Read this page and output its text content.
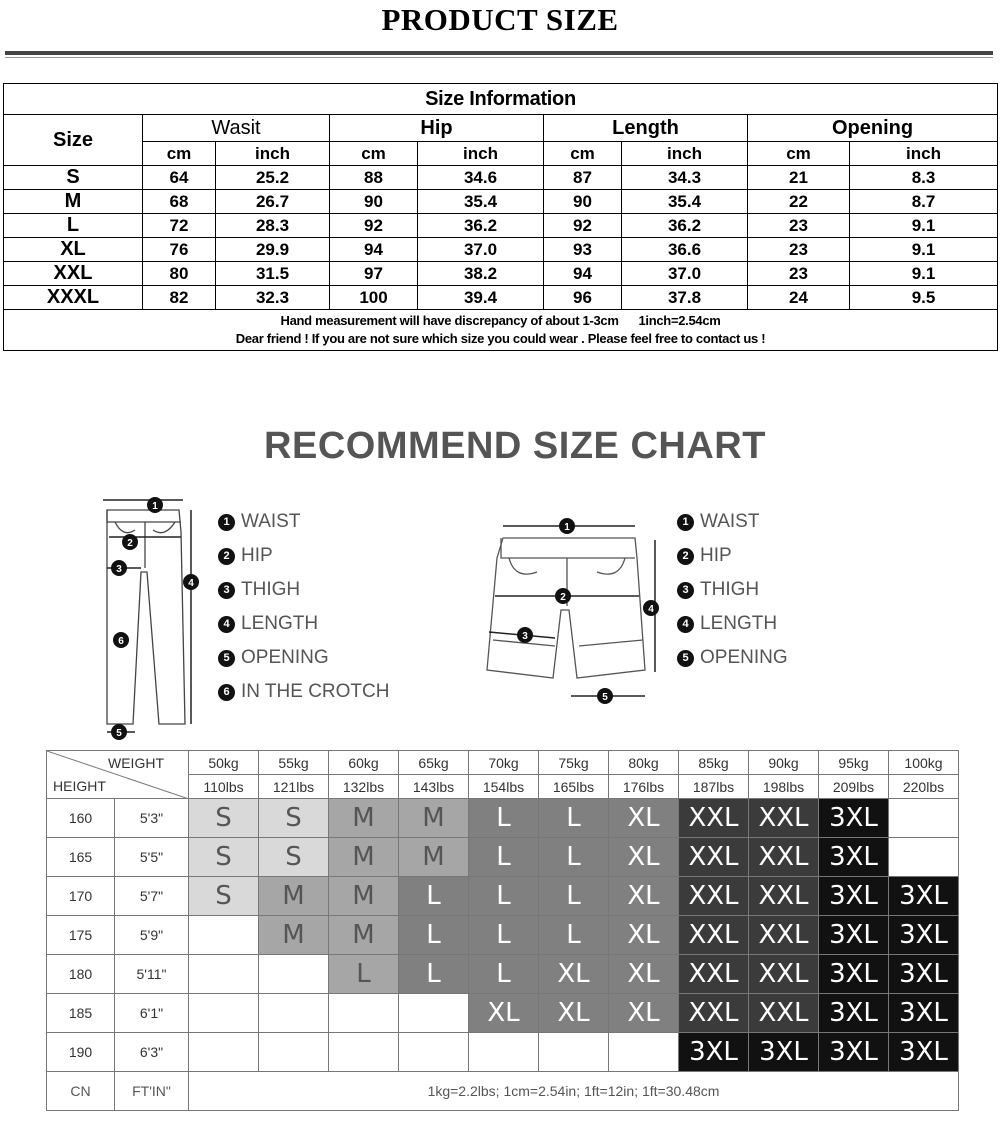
PRODUCT SIZE
Size Information								
Size	Wasit		Hip		Length		Opening	
	cm	inch	cm	inch	cm	inch	cm	inch
S	64	25.2	88	34.6	87	34.3	21	8.3
M	68	26.7	90	35.4	90	35.4	22	8.7
L	72	28.3	92	36.2	92	36.2	23	9.1
XL	76	29.9	94	37.0	93	36.6	23	9.1
XXL	80	31.5	97	38.2	94	37.0	23	9.1
XXXL	82	32.3	100	39.4	96	37.8	24	9.5

Hand measurement will have discrepancy of about 1-3cm      1inch=2.54cm
Dear friend ! If you are not sure which size you could wear . Please feel free to contact us !								
RECOMMEND SIZE CHART
1
2
3
4
6
5
1 WAIST
2 HIP
3 THIGH
4 LENGTH
5 OPENING
6 IN THE CROTCH
1
2
3
4
5
1 WAIST
2 HIP
3 THIGH
4 LENGTH
5 OPENING
WEIGHT
HEIGHT		50kg	55kg	60kg	65kg	70kg	75kg	80kg	85kg	90kg	95kg	100kg
		110lbs	121lbs	132lbs	143lbs	154lbs	165lbs	176lbs	187lbs	198lbs	209lbs	220lbs
160	5'3"	S	S	M	M	L	L	XL	XXL	XXL	3XL	
165	5'5"	S	S	M	M	L	L	XL	XXL	XXL	3XL	
170	5'7"	S	M	M	L	L	L	XL	XXL	XXL	3XL	3XL
175	5'9"		M	M	L	L	L	XL	XXL	XXL	3XL	3XL
180	5'11"			L	L	L	XL	XL	XXL	XXL	3XL	3XL
185	6'1"					XL	XL	XL	XXL	XXL	3XL	3XL
190	6'3"								3XL	3XL	3XL	3XL
CN	FT'IN"	1kg=2.2lbs; 1cm=2.54in; 1ft=12in; 1ft=30.48cm										
